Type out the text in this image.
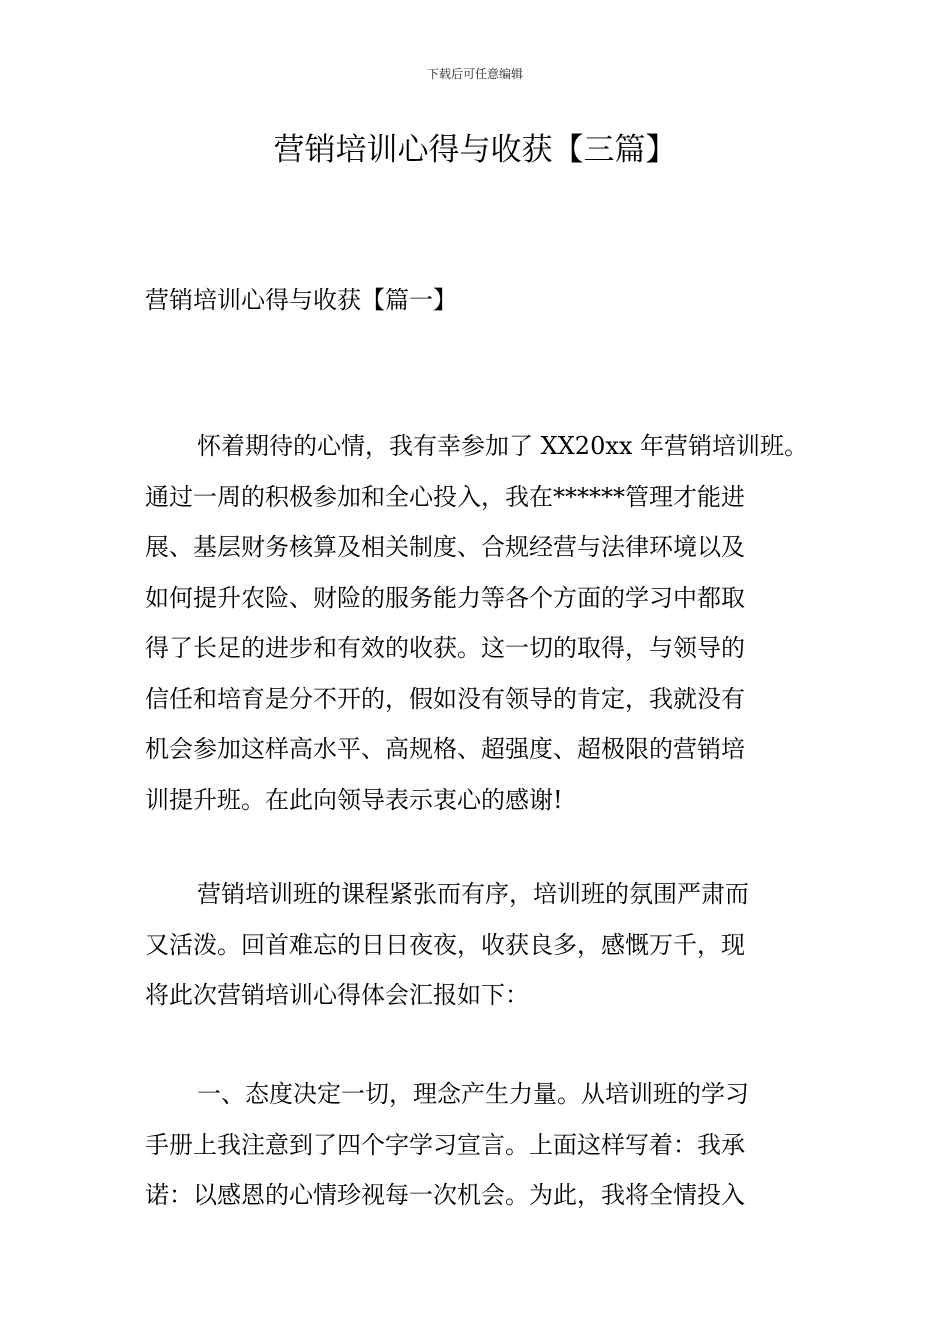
下载后可任意编辑
营销培训心得与收获【三篇】
营销培训心得与收获【篇一】
怀着期待的心情，我有幸参加了 XX20xx 年营销培训班。
通过一周的积极参加和全心投入，我在******管理才能进
展、基层财务核算及相关制度、合规经营与法律环境以及
如何提升农险、财险的服务能力等各个方面的学习中都取
得了长足的进步和有效的收获。这一切的取得，与领导的
信任和培育是分不开的，假如没有领导的肯定，我就没有
机会参加这样高水平、高规格、超强度、超极限的营销培
训提升班。在此向领导表示衷心的感谢!
营销培训班的课程紧张而有序，培训班的氛围严肃而
又活泼。回首难忘的日日夜夜，收获良多，感慨万千，现
将此次营销培训心得体会汇报如下：
一、态度决定一切，理念产生力量。从培训班的学习
手册上我注意到了四个字学习宣言。上面这样写着：我承
诺：以感恩的心情珍视每一次机会。为此，我将全情投入
